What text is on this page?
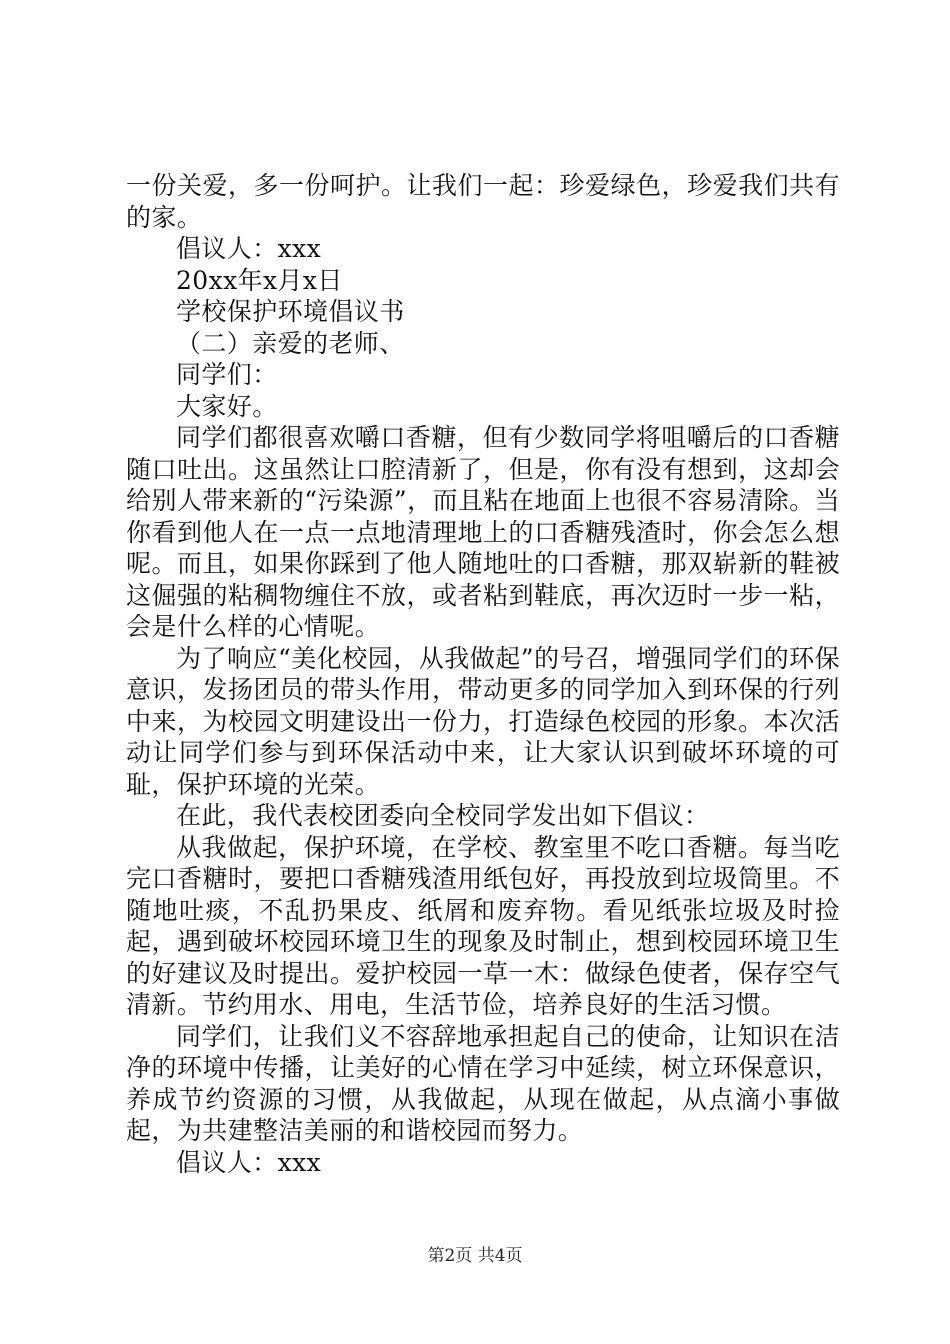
一份关爱，多一份呵护。让我们一起：珍爱绿色，珍爱我们共有的家。

倡议人：xxx

20xx年x月x日

学校保护环境倡议书

（二）亲爱的老师、

同学们：

大家好。

同学们都很喜欢嚼口香糖，但有少数同学将咀嚼后的口香糖随口吐出。这虽然让口腔清新了，但是，你有没有想到，这却会给别人带来新的“污染源”，而且粘在地面上也很不容易清除。当你看到他人在一点一点地清理地上的口香糖残渣时，你会怎么想呢。而且，如果你踩到了他人随地吐的口香糖，那双崭新的鞋被这倔强的粘稠物缠住不放，或者粘到鞋底，再次迈时一步一粘，会是什么样的心情呢。

为了响应“美化校园，从我做起”的号召，增强同学们的环保意识，发扬团员的带头作用，带动更多的同学加入到环保的行列中来，为校园文明建设出一份力，打造绿色校园的形象。本次活动让同学们参与到环保活动中来，让大家认识到破坏环境的可耻，保护环境的光荣。

在此，我代表校团委向全校同学发出如下倡议：

从我做起，保护环境，在学校、教室里不吃口香糖。每当吃完口香糖时，要把口香糖残渣用纸包好，再投放到垃圾筒里。不随地吐痰，不乱扔果皮、纸屑和废弃物。看见纸张垃圾及时捡起，遇到破坏校园环境卫生的现象及时制止，想到校园环境卫生的好建议及时提出。爱护校园一草一木：做绿色使者，保存空气清新。节约用水、用电，生活节俭，培养良好的生活习惯。

同学们，让我们义不容辞地承担起自己的使命，让知识在洁净的环境中传播，让美好的心情在学习中延续，树立环保意识，养成节约资源的习惯，从我做起，从现在做起，从点滴小事做起，为共建整洁美丽的和谐校园而努力。

倡议人：xxx

第2页 共4页
